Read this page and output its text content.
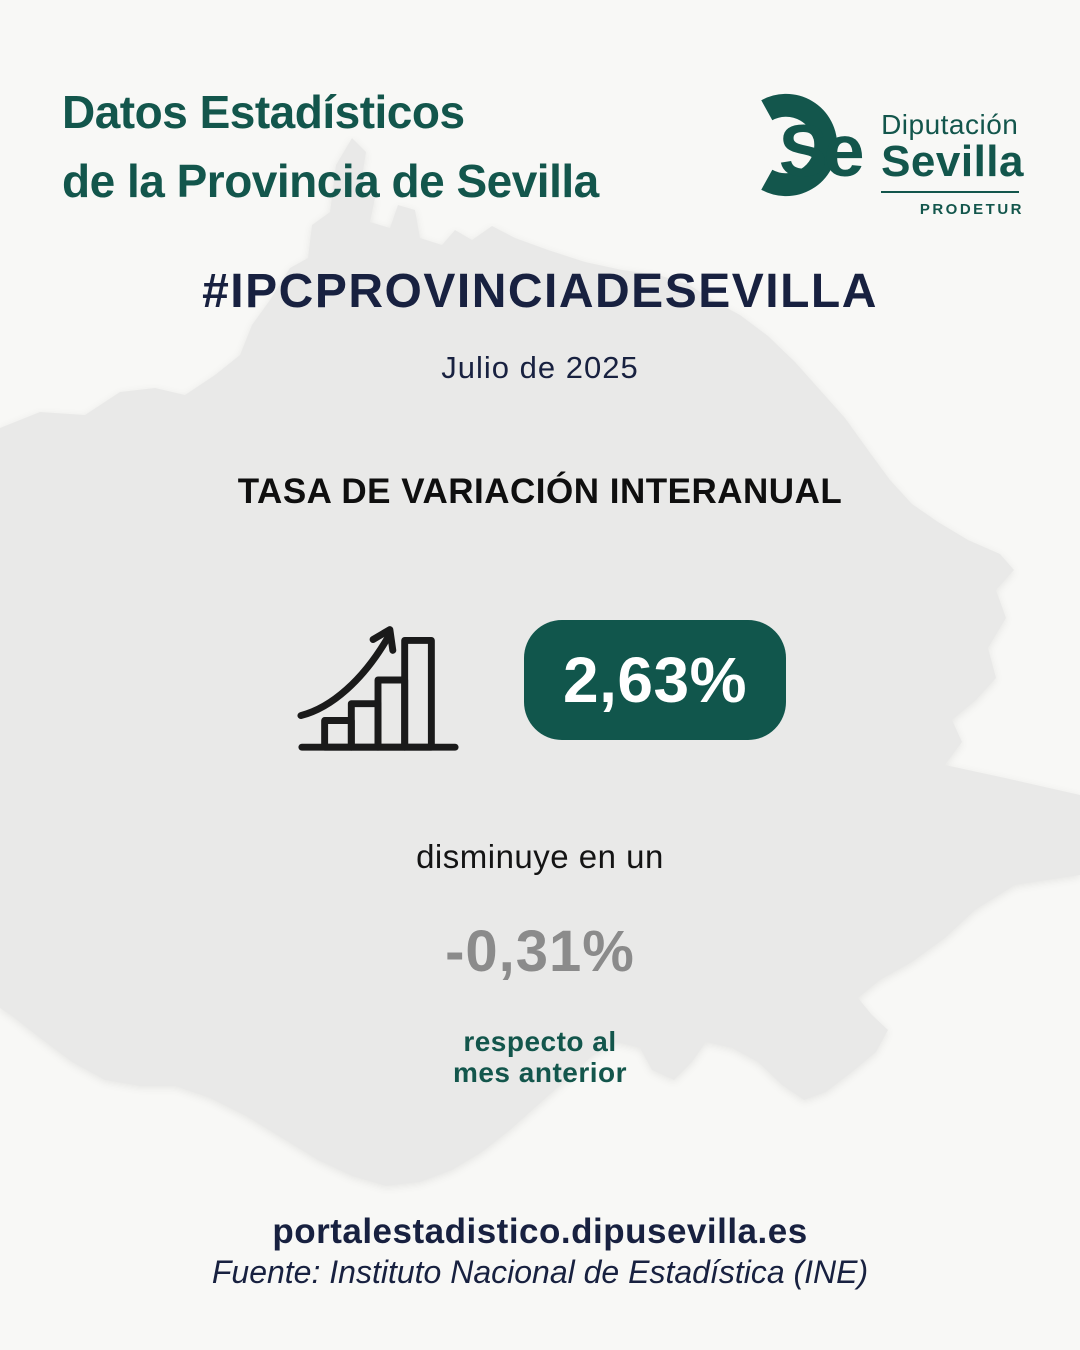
Datos Estadísticos
de la Provincia de Sevilla Se Diputación
Sevilla
PRODETUR
#IPCPROVINCIADESEVILLA
Julio de 2025
TASA DE VARIACIÓN INTERANUAL
2,63%
disminuye en un
-0,31%
respecto al
mes anterior
portalestadistico.dipusevilla.es
Fuente: Instituto Nacional de Estadística (INE)
